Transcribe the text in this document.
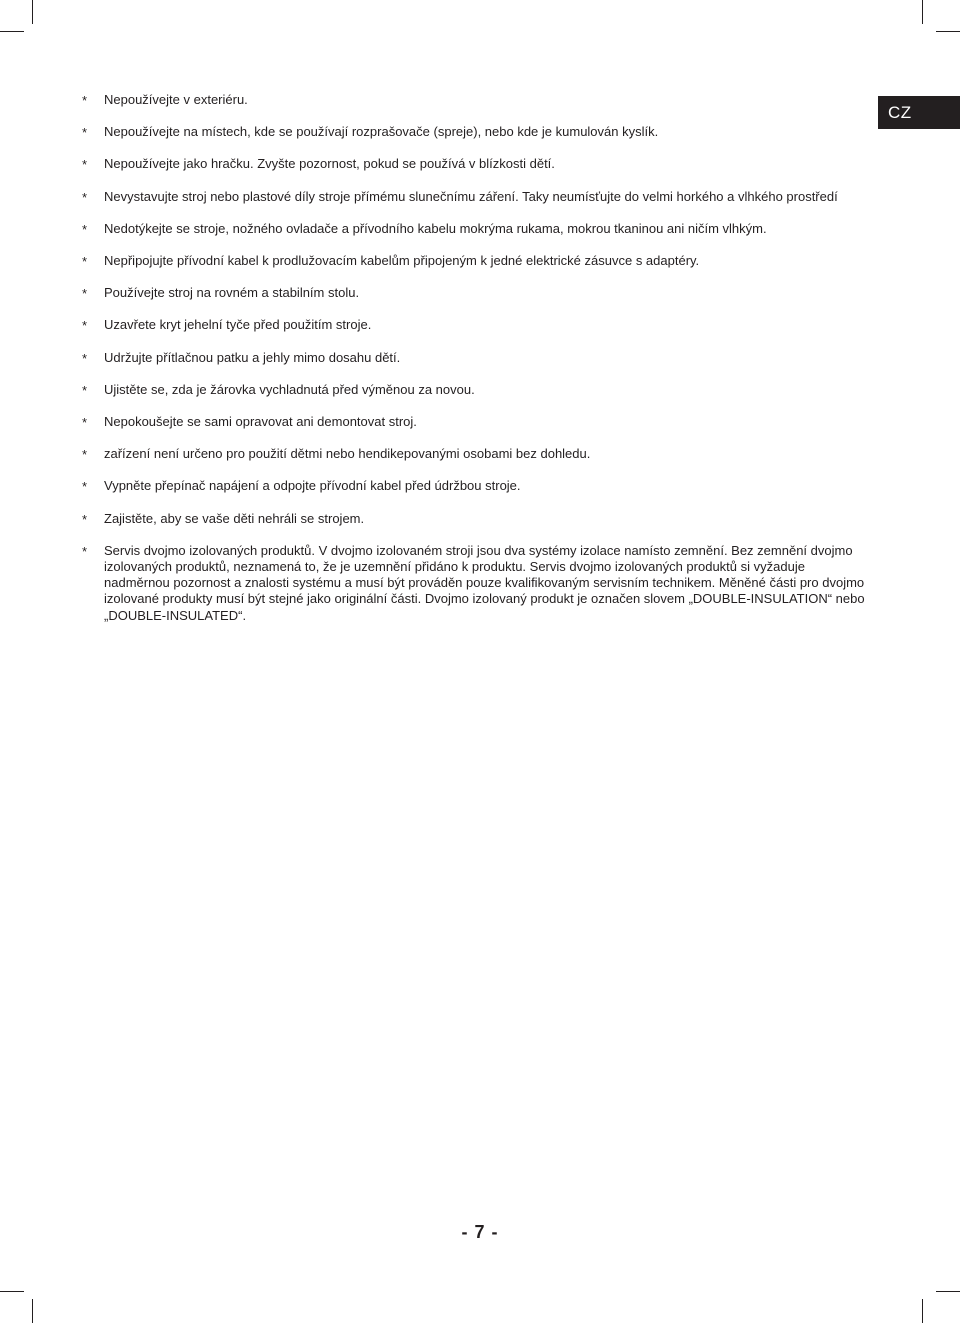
CZ
* Nepoužívejte v exteriéru.
* Nepoužívejte na místech, kde se používají rozprašovače (spreje), nebo kde je kumulován kyslík.
* Nepoužívejte jako hračku. Zvyšte pozornost, pokud se používá v blízkosti dětí.
* Nevystavujte stroj nebo plastové díly stroje přímému slunečnímu záření. Taky neumísťujte do velmi horkého a vlhkého prostředí
* Nedotýkejte se stroje, nožného ovladače a přívodního kabelu mokrýma rukama, mokrou tkaninou ani ničím vlhkým.
* Nepřipojujte přívodní kabel k prodlužovacím kabelům připojeným k jedné elektrické zásuvce s adaptéry.
* Používejte stroj na rovném a stabilním stolu.
* Uzavřete kryt jehelní tyče před použitím stroje.
* Udržujte přítlačnou patku a jehly mimo dosahu dětí.
* Ujistěte se, zda je žárovka vychladnutá před výměnou za novou.
* Nepokoušejte se sami opravovat ani demontovat stroj.
* zařízení není určeno pro použití dětmi nebo hendikepovanými osobami bez dohledu.
* Vypněte přepínač napájení a odpojte přívodní kabel před údržbou stroje.
* Zajistěte, aby se vaše děti nehráli se strojem.
* Servis dvojmo izolovaných produktů. V dvojmo izolovaném stroji jsou dva systémy izolace namísto zemnění. Bez zemnění dvojmo izolovaných produktů, neznamená to, že je uzemnění přidáno k produktu. Servis dvojmo izolovaných produktů si vyžaduje nadměrnou pozornost a znalosti systému a musí být prováděn pouze kvalifikovaným servisním technikem. Měněné části pro dvojmo izolované produkty musí být stejné jako originální části. Dvojmo izolovaný produkt je označen slovem „DOUBLE-INSULATION“ nebo „DOUBLE-INSULATED“.
- 7 -
